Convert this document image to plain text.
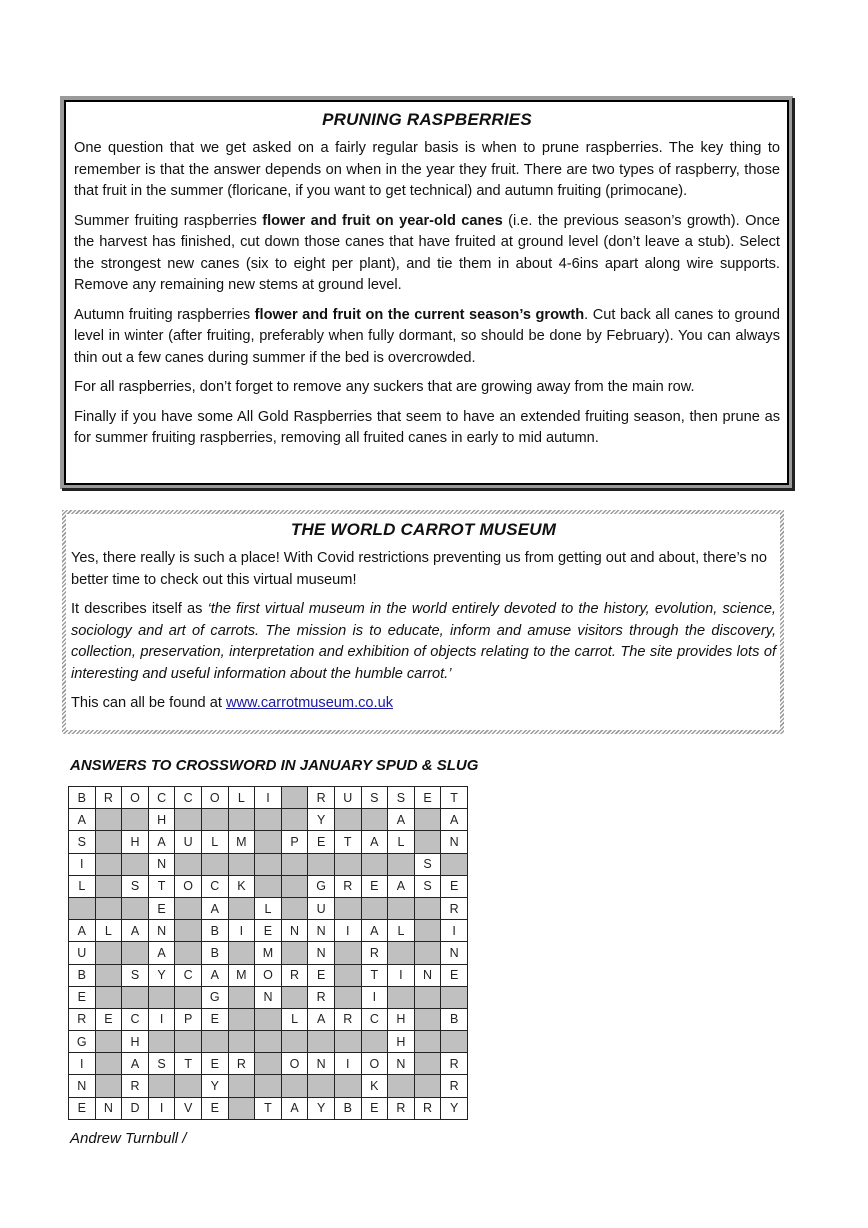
PRUNING RASPBERRIES

One question that we get asked on a fairly regular basis is when to prune raspberries. The key thing to remember is that the answer depends on when in the year they fruit. There are two types of raspberry, those that fruit in the summer (floricane, if you want to get technical) and autumn fruiting (primocane).

Summer fruiting raspberries flower and fruit on year-old canes (i.e. the previous season’s growth). Once the harvest has finished, cut down those canes that have fruited at ground level (don’t leave a stub). Select the strongest new canes (six to eight per plant), and tie them in about 4-6ins apart along wire supports. Remove any remaining new stems at ground level.

Autumn fruiting raspberries flower and fruit on the current season’s growth. Cut back all canes to ground level in winter (after fruiting, preferably when fully dormant, so should be done by February). You can always thin out a few canes during summer if the bed is overcrowded.

For all raspberries, don’t forget to remove any suckers that are growing away from the main row.

Finally if you have some All Gold Raspberries that seem to have an extended fruiting season, then prune as for summer fruiting raspberries, removing all fruited canes in early to mid autumn.

THE WORLD CARROT MUSEUM

Yes, there really is such a place! With Covid restrictions preventing us from getting out and about, there’s no better time to check out this virtual museum!

It describes itself as ‘the first virtual museum in the world entirely devoted to the history, evolution, science, sociology and art of carrots. The mission is to educate, inform and amuse visitors through the discovery, collection, preservation, interpretation and exhibition of objects relating to the carrot. The site provides lots of interesting and useful information about the humble carrot.’

This can all be found at www.carrotmuseum.co.uk

ANSWERS TO CROSSWORD IN JANUARY SPUD & SLUG
B	R	O	C	C	O	L	I		R	U	S	S	E	T
A			H						Y			A		A
S		H	A	U	L	M		P	E	T	A	L		N
I			N										S	
L		S	T	O	C	K			G	R	E	A	S	E
			E		A		L		U					R
A	L	A	N		B	I	E	N	N	I	A	L		I
U			A		B		M		N		R			N
B		S	Y	C	A	M	O	R	E		T	I	N	E
E					G		N		R		I			
R	E	C	I	P	E			L	A	R	C	H		B
G		H										H		
I		A	S	T	E	R		O	N	I	O	N		R
N		R			Y						K			R
E	N	D	I	V	E		T	A	Y	B	E	R	R	Y
Andrew Turnbull /
